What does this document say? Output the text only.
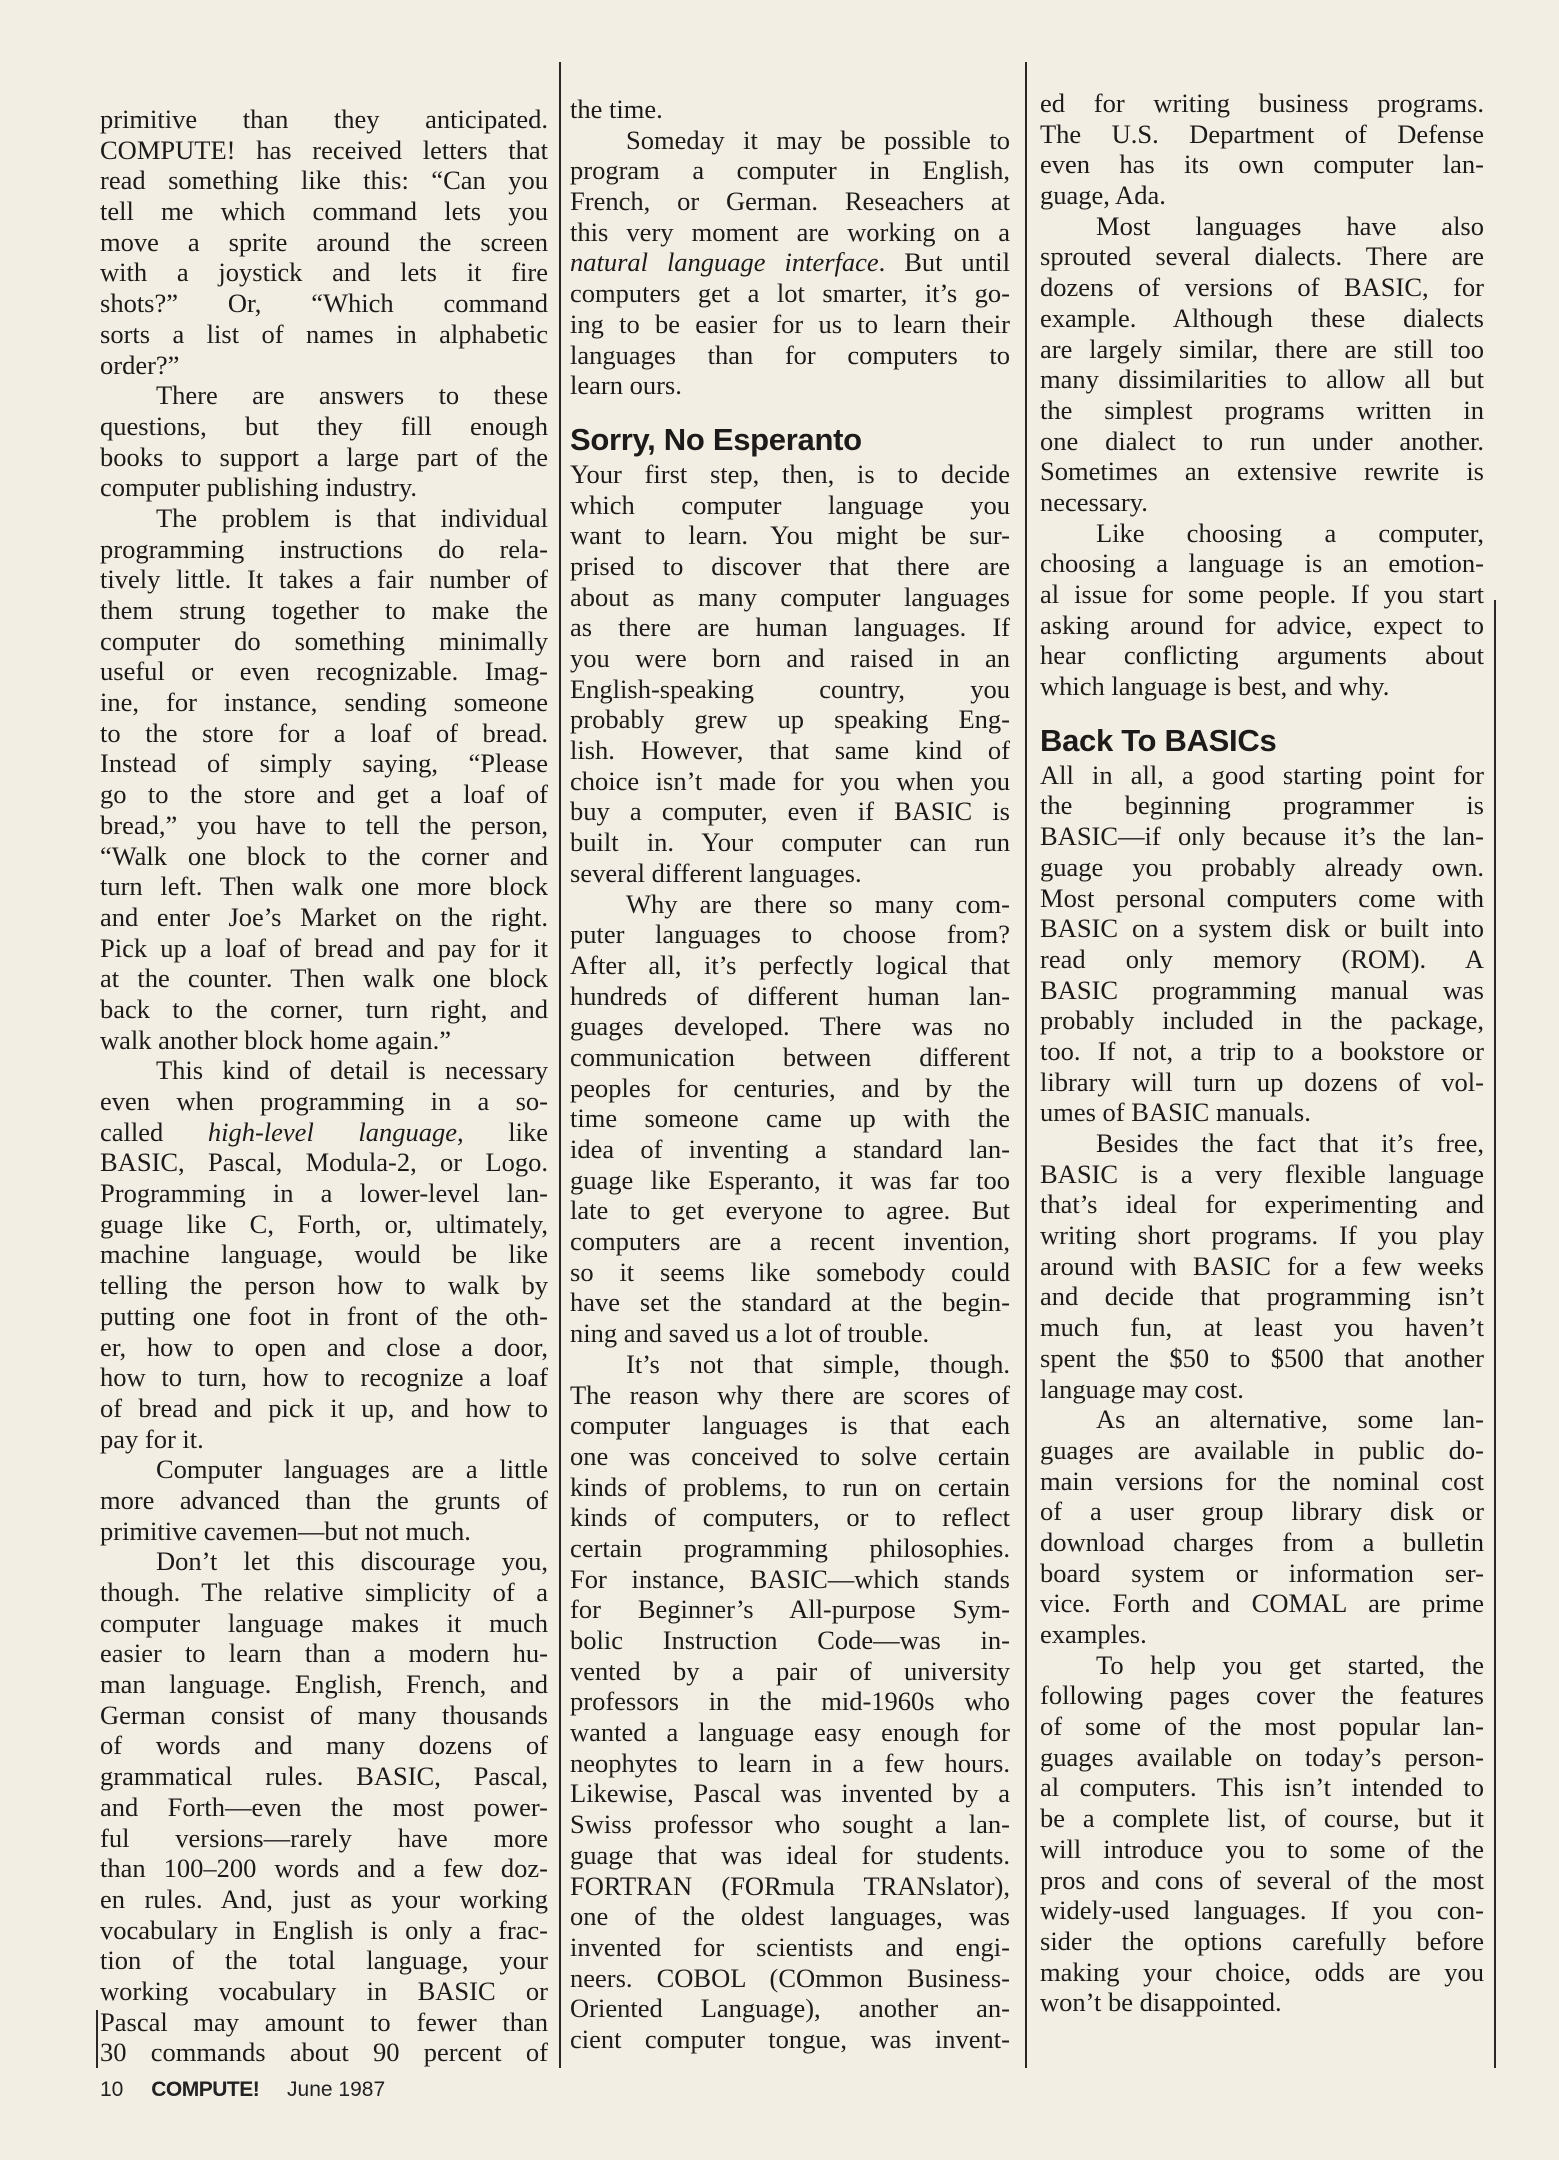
primitive than they anticipated.
COMPUTE! has received letters that
read something like this: “Can you
tell me which command lets you
move a sprite around the screen
with a joystick and lets it fire
shots?” Or, “Which command
sorts a list of names in alphabetic
order?”
There are answers to these
questions, but they fill enough
books to support a large part of the
computer publishing industry.
The problem is that individual
programming instructions do rela-
tively little. It takes a fair number of
them strung together to make the
computer do something minimally
useful or even recognizable. Imag-
ine, for instance, sending someone
to the store for a loaf of bread.
Instead of simply saying, “Please
go to the store and get a loaf of
bread,” you have to tell the person,
“Walk one block to the corner and
turn left. Then walk one more block
and enter Joe’s Market on the right.
Pick up a loaf of bread and pay for it
at the counter. Then walk one block
back to the corner, turn right, and
walk another block home again.”
This kind of detail is necessary
even when programming in a so-
called high-level language, like
BASIC, Pascal, Modula-2, or Logo.
Programming in a lower-level lan-
guage like C, Forth, or, ultimately,
machine language, would be like
telling the person how to walk by
putting one foot in front of the oth-
er, how to open and close a door,
how to turn, how to recognize a loaf
of bread and pick it up, and how to
pay for it.
Computer languages are a little
more advanced than the grunts of
primitive cavemen—but not much.
Don’t let this discourage you,
though. The relative simplicity of a
computer language makes it much
easier to learn than a modern hu-
man language. English, French, and
German consist of many thousands
of words and many dozens of
grammatical rules. BASIC, Pascal,
and Forth—even the most power-
ful versions—rarely have more
than 100–200 words and a few doz-
en rules. And, just as your working
vocabulary in English is only a frac-
tion of the total language, your
working vocabulary in BASIC or
Pascal may amount to fewer than
30 commands about 90 percent of
the time.
Someday it may be possible to
program a computer in English,
French, or German. Reseachers at
this very moment are working on a
natural language interface. But until
computers get a lot smarter, it’s go-
ing to be easier for us to learn their
languages than for computers to
learn ours.
Sorry, No Esperanto
Your first step, then, is to decide
which computer language you
want to learn. You might be sur-
prised to discover that there are
about as many computer languages
as there are human languages. If
you were born and raised in an
English-speaking country, you
probably grew up speaking Eng-
lish. However, that same kind of
choice isn’t made for you when you
buy a computer, even if BASIC is
built in. Your computer can run
several different languages.
Why are there so many com-
puter languages to choose from?
After all, it’s perfectly logical that
hundreds of different human lan-
guages developed. There was no
communication between different
peoples for centuries, and by the
time someone came up with the
idea of inventing a standard lan-
guage like Esperanto, it was far too
late to get everyone to agree. But
computers are a recent invention,
so it seems like somebody could
have set the standard at the begin-
ning and saved us a lot of trouble.
It’s not that simple, though.
The reason why there are scores of
computer languages is that each
one was conceived to solve certain
kinds of problems, to run on certain
kinds of computers, or to reflect
certain programming philosophies.
For instance, BASIC—which stands
for Beginner’s All-purpose Sym-
bolic Instruction Code—was in-
vented by a pair of university
professors in the mid-1960s who
wanted a language easy enough for
neophytes to learn in a few hours.
Likewise, Pascal was invented by a
Swiss professor who sought a lan-
guage that was ideal for students.
FORTRAN (FORmula TRANslator),
one of the oldest languages, was
invented for scientists and engi-
neers. COBOL (COmmon Business-
Oriented Language), another an-
cient computer tongue, was invent-
ed for writing business programs.
The U.S. Department of Defense
even has its own computer lan-
guage, Ada.
Most languages have also
sprouted several dialects. There are
dozens of versions of BASIC, for
example. Although these dialects
are largely similar, there are still too
many dissimilarities to allow all but
the simplest programs written in
one dialect to run under another.
Sometimes an extensive rewrite is
necessary.
Like choosing a computer,
choosing a language is an emotion-
al issue for some people. If you start
asking around for advice, expect to
hear conflicting arguments about
which language is best, and why.
Back To BASICs
All in all, a good starting point for
the beginning programmer is
BASIC—if only because it’s the lan-
guage you probably already own.
Most personal computers come with
BASIC on a system disk or built into
read only memory (ROM). A
BASIC programming manual was
probably included in the package,
too. If not, a trip to a bookstore or
library will turn up dozens of vol-
umes of BASIC manuals.
Besides the fact that it’s free,
BASIC is a very flexible language
that’s ideal for experimenting and
writing short programs. If you play
around with BASIC for a few weeks
and decide that programming isn’t
much fun, at least you haven’t
spent the $50 to $500 that another
language may cost.
As an alternative, some lan-
guages are available in public do-
main versions for the nominal cost
of a user group library disk or
download charges from a bulletin
board system or information ser-
vice. Forth and COMAL are prime
examples.
To help you get started, the
following pages cover the features
of some of the most popular lan-
guages available on today’s person-
al computers. This isn’t intended to
be a complete list, of course, but it
will introduce you to some of the
pros and cons of several of the most
widely-used languages. If you con-
sider the options carefully before
making your choice, odds are you
won’t be disappointed.
10 COMPUTE! June 1987
